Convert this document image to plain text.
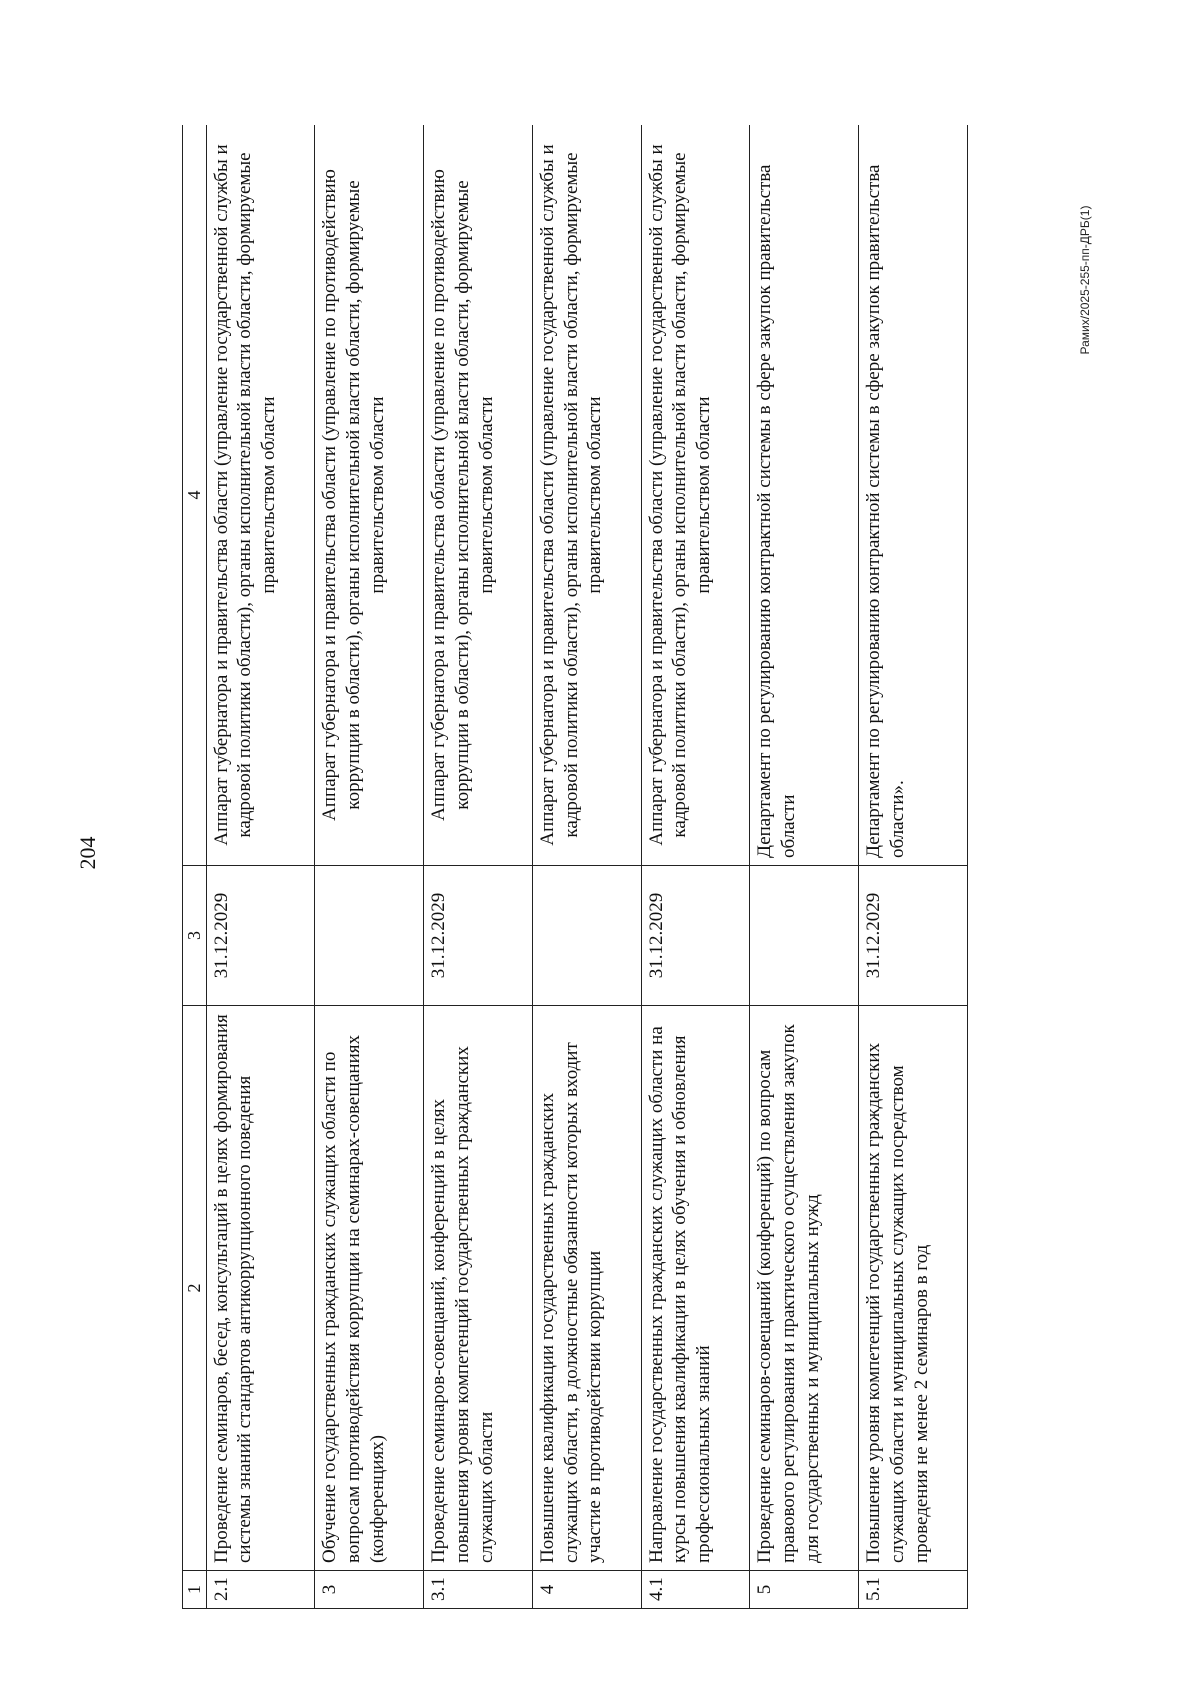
204
Рамих/2025-255-пп-ДРБ(1)
1	2	3	4
2.1	Проведение семинаров, бесед, консультаций в целях формирования системы знаний стандартов антикоррупционного поведения	31.12.2029	Аппарат губернатора и правительства области (управление государственной службы и кадровой политики области), органы исполнительной власти области, формируемые правительством области
3	Обучение государственных гражданских служащих области по вопросам противодействия коррупции на семинарах-совещаниях (конференциях)		Аппарат губернатора и правительства области (управление по противодействию коррупции в области), органы исполнительной власти области, формируемые правительством области
3.1	Проведение семинаров-совещаний, конференций в целях повышения уровня компетенций государственных гражданских служащих области	31.12.2029	Аппарат губернатора и правительства области (управление по противодействию коррупции в области), органы исполнительной власти области, формируемые правительством области
4	Повышение квалификации государственных гражданских служащих области, в должностные обязанности которых входит участие в противодействии коррупции		Аппарат губернатора и правительства области (управление государственной службы и кадровой политики области), органы исполнительной власти области, формируемые правительством области
4.1	Направление государственных гражданских служащих области на курсы повышения квалификации в целях обучения и обновления профессиональных знаний	31.12.2029	Аппарат губернатора и правительства области (управление государственной службы и кадровой политики области), органы исполнительной власти области, формируемые правительством области
5	Проведение семинаров-совещаний (конференций) по вопросам правового регулирования и практического осуществления закупок для государственных и муниципальных нужд		Департамент по регулированию контрактной системы в сфере закупок правительства области
5.1	Повышение уровня компетенций государственных гражданских служащих области и муниципальных служащих посредством проведения не менее 2 семинаров в год	31.12.2029	Департамент по регулированию контрактной системы в сфере закупок правительства области».
